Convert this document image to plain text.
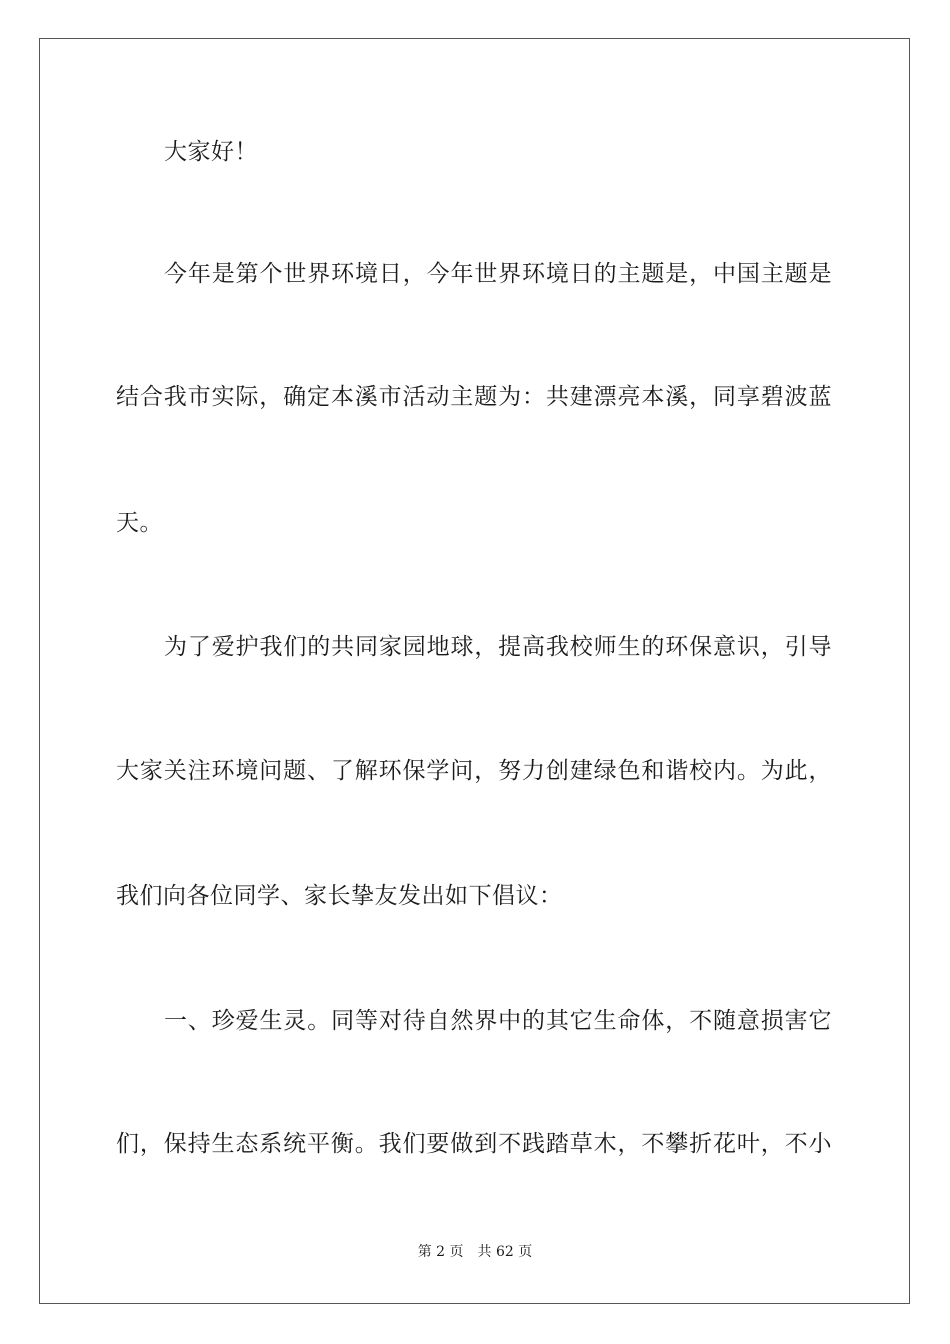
大家好！
今年是第个世界环境日，今年世界环境日的主题是，中国主题是
结合我市实际，确定本溪市活动主题为：共建漂亮本溪，同享碧波蓝
天。
为了爱护我们的共同家园地球，提高我校师生的环保意识，引导
大家关注环境问题、了解环保学问，努力创建绿色和谐校内。为此，
我们向各位同学、家长挚友发出如下倡议：
一、珍爱生灵。同等对待自然界中的其它生命体，不随意损害它
们，保持生态系统平衡。我们要做到不践踏草木，不攀折花叶，不小
第 2 页 共 62 页
